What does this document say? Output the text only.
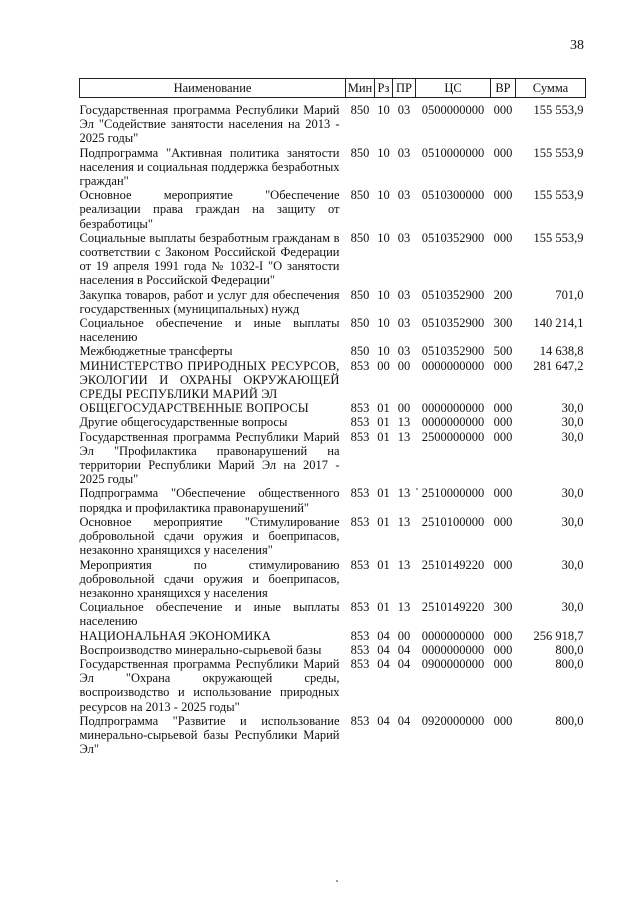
38
Наименование	Мин	Рз	ПР	ЦС	ВР	Сумма

Государственная программа Республики Марий Эл "Содействие занятости населения на 2013 - 2025 годы"	850	10	03	0500000000	000	155 553,9
Подпрограмма "Активная политика занятости населения и социальная поддержка безработных граждан"	850	10	03	0510000000	000	155 553,9
Основное мероприятие "Обеспечение реализации права граждан на защиту от безработицы"	850	10	03	0510300000	000	155 553,9
Социальные выплаты безработным гражданам в соответствии с Законом Российской Федерации от 19 апреля 1991 года № 1032-I "О занятости населения в Российской Федерации"	850	10	03	0510352900	000	155 553,9
Закупка товаров, работ и услуг для обеспечения государственных (муниципальных) нужд	850	10	03	0510352900	200	701,0
Социальное обеспечение и иные выплаты населению	850	10	03	0510352900	300	140 214,1
Межбюджетные трансферты	850	10	03	0510352900	500	14 638,8
МИНИСТЕРСТВО ПРИРОДНЫХ РЕСУРСОВ, ЭКОЛОГИИ И ОХРАНЫ ОКРУЖАЮЩЕЙ СРЕДЫ РЕСПУБЛИКИ МАРИЙ ЭЛ	853	00	00	0000000000	000	281 647,2
ОБЩЕГОСУДАРСТВЕННЫЕ ВОПРОСЫ	853	01	00	0000000000	000	30,0
Другие общегосударственные вопросы	853	01	13	0000000000	000	30,0
Государственная программа Республики Марий Эл "Профилактика правонарушений на территории Республики Марий Эл на 2017 - 2025 годы"	853	01	13	2500000000	000	30,0
Подпрограмма "Обеспечение общественного порядка и профилактика правонарушений"	853	01	13	2510000000	000	30,0
Основное мероприятие "Стимулирование добровольной сдачи оружия и боеприпасов, незаконно хранящихся у населения"	853	01	13	2510100000	000	30,0
Мероприятия по стимулированию добровольной сдачи оружия и боеприпасов, незаконно хранящихся у населения	853	01	13	2510149220	000	30,0
Социальное обеспечение и иные выплаты населению	853	01	13	2510149220	300	30,0
НАЦИОНАЛЬНАЯ ЭКОНОМИКА	853	04	00	0000000000	000	256 918,7
Воспроизводство минерально-сырьевой базы	853	04	04	0000000000	000	800,0
Государственная программа Республики Марий Эл "Охрана окружающей среды, воспроизводство и использование природных ресурсов на 2013 - 2025 годы"	853	04	04	0900000000	000	800,0
Подпрограмма "Развитие и использование минерально-сырьевой базы Республики Марий Эл"	853	04	04	0920000000	000	800,0
